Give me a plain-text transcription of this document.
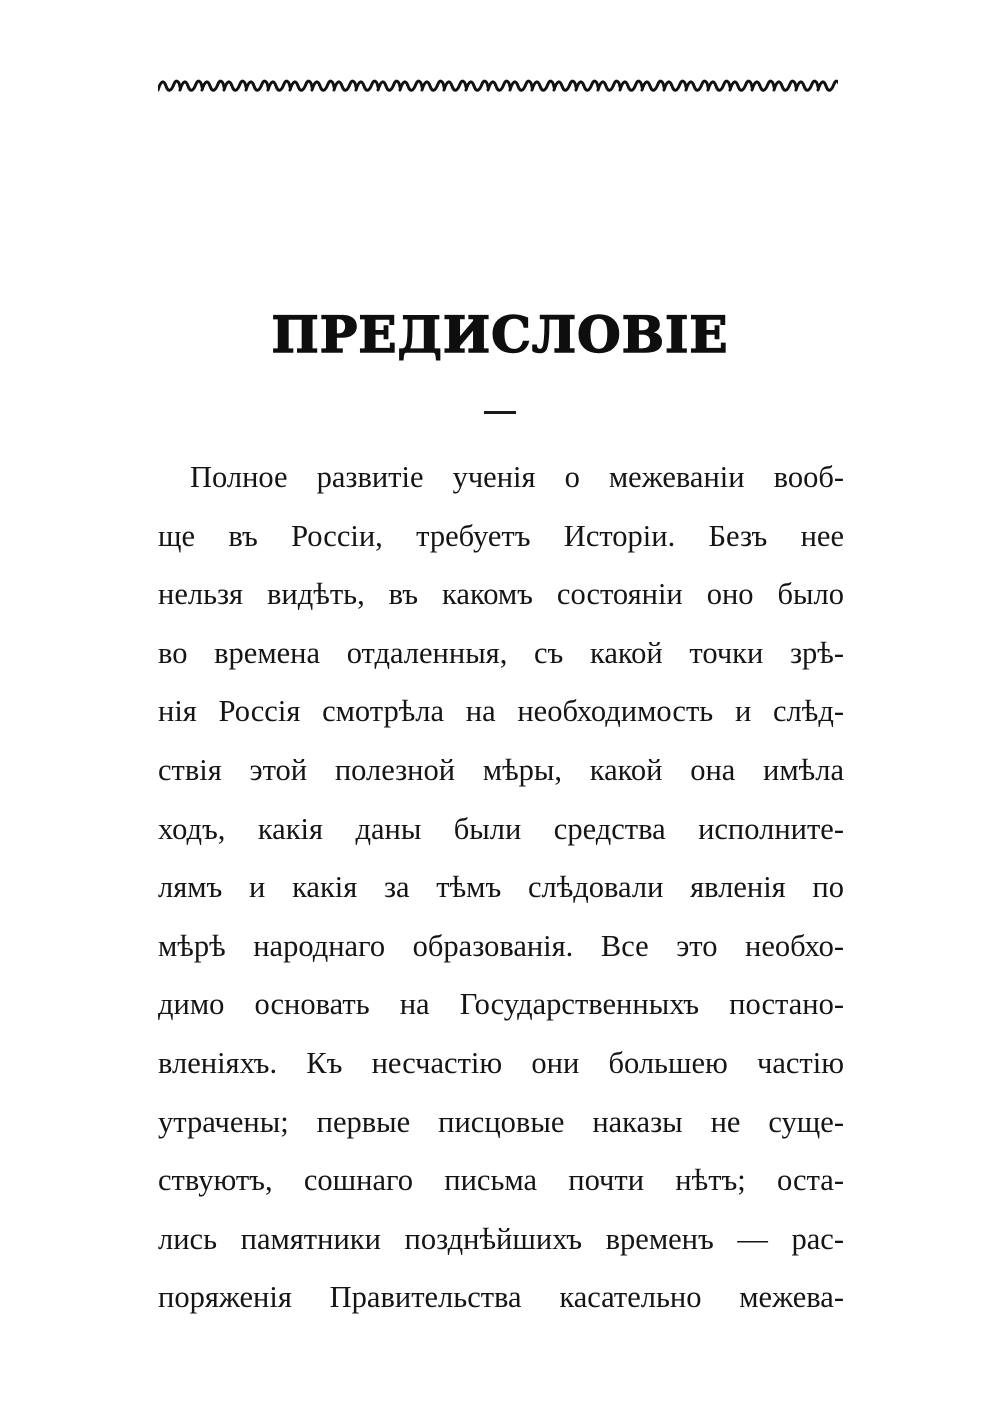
ПРЕДИСЛОВІЕ
Полное развитіе ученія о межеваніи вооб-
ще въ Россіи, требуетъ Исторіи. Безъ нее
нельзя видѣть, въ какомъ состояніи оно было
во времена отдаленныя, съ какой точки зрѣ-
нія Россія смотрѣла на необходимость и слѣд-
ствія этой полезной мѣры, какой она имѣла
ходъ, какія даны были средства исполните-
лямъ и какія за тѣмъ слѣдовали явленія по
мѣрѣ народнаго образованія. Все это необхо-
димо основать на Государственныхъ постано-
вленіяхъ. Къ несчастію они большею частію
утрачены; первые писцовые наказы не суще-
ствуютъ, сошнаго письма почти нѣтъ; оста-
лись памятники позднѣйшихъ временъ — рас-
поряженія Правительства касательно межева-
